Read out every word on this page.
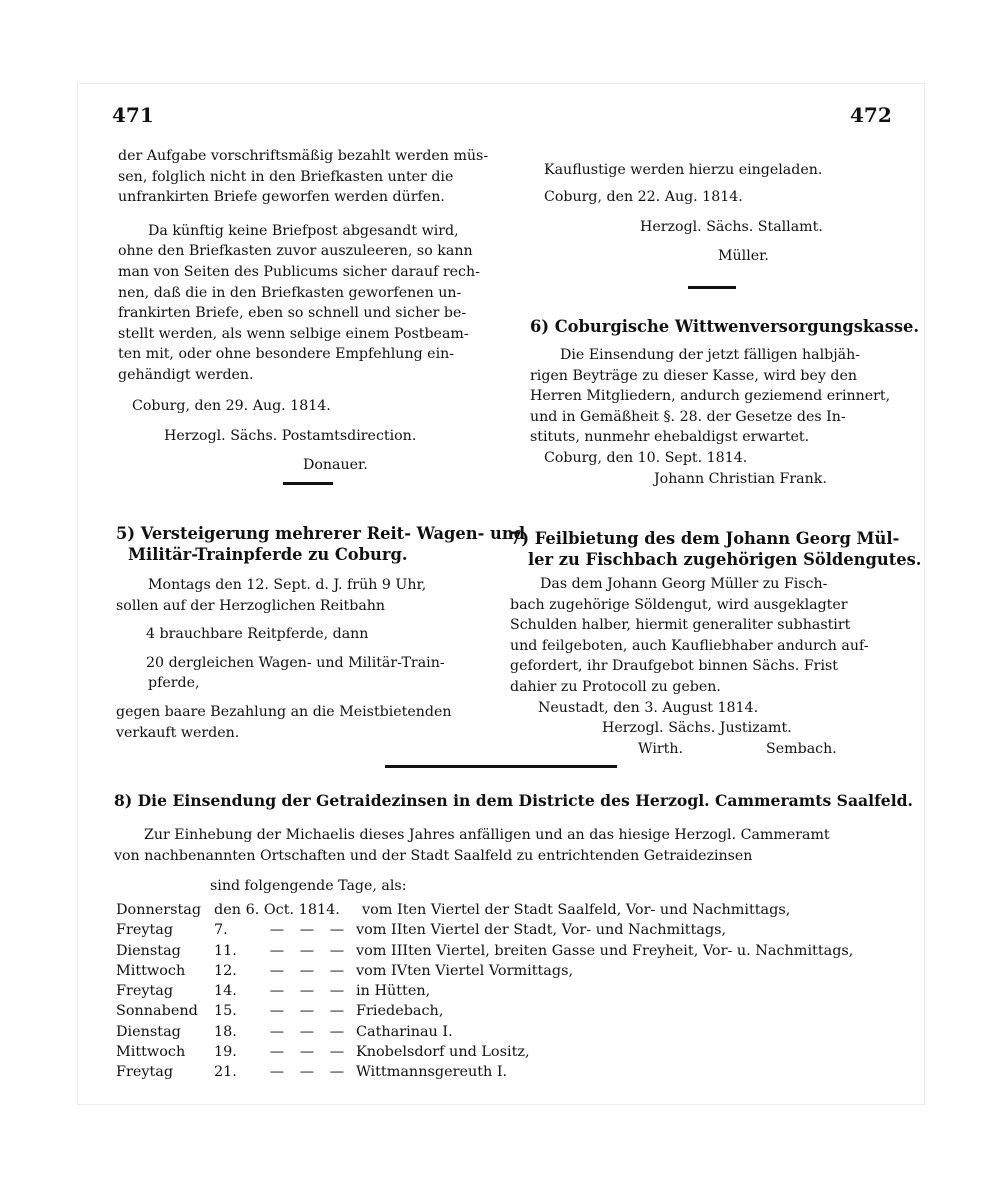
471	472

der Aufgabe vorschriftsmäßig bezahlt werden müs-

sen, folglich nicht in den Briefkasten unter die

unfrankirten Briefe geworfen werden dürfen.

Da künftig keine Briefpost abgesandt wird,

ohne den Briefkasten zuvor auszuleeren, so kann

man von Seiten des Publicums sicher darauf rech-

nen, daß die in den Briefkasten geworfenen un-

frankirten Briefe, eben so schnell und sicher be-

stellt werden, als wenn selbige einem Postbeam-

ten mit, oder ohne besondere Empfehlung ein-

gehändigt werden.

Coburg, den 29. Aug. 1814.

Herzogl. Sächs. Postamtsdirection.

Donauer.

Kauflustige werden hierzu eingeladen.

Coburg, den 22. Aug. 1814.

Herzogl. Sächs. Stallamt.

Müller.

6) Coburgische Wittwenversorgungskasse.

Die Einsendung der jetzt fälligen halbjäh-

rigen Beyträge zu dieser Kasse, wird bey den

Herren Mitgliedern, andurch geziemend erinnert,

und in Gemäßheit §. 28. der Gesetze des In-

stituts, nunmehr ehebaldigst erwartet.

Coburg, den 10. Sept. 1814.

Johann Christian Frank.

5) Versteigerung mehrerer Reit- Wagen- und

Militär-Trainpferde zu Coburg.

Montags den 12. Sept. d. J. früh 9 Uhr,

sollen auf der Herzoglichen Reitbahn

4 brauchbare Reitpferde, dann

20 dergleichen Wagen- und Militär-Train-

pferde,

gegen baare Bezahlung an die Meistbietenden

verkauft werden.

7) Feilbietung des dem Johann Georg Mül-

ler zu Fischbach zugehörigen Söldengutes.

Das dem Johann Georg Müller zu Fisch-

bach zugehörige Söldengut, wird ausgeklagter

Schulden halber, hiermit generaliter subhastirt

und feilgeboten, auch Kaufliebhaber andurch auf-

gefordert, ihr Draufgebot binnen Sächs. Frist

dahier zu Protocoll zu geben.

Neustadt, den 3. August 1814.

Herzogl. Sächs. Justizamt.

Wirth.	Sembach.

8) Die Einsendung der Getraidezinsen in dem Districte des Herzogl. Cammeramts Saalfeld.

Zur Einhebung der Michaelis dieses Jahres anfälligen und an das hiesige Herzogl. Cammeramt

von nachbenannten Ortschaften und der Stadt Saalfeld zu entrichtenden Getraidezinsen

sind folgengende Tage, als:

Donnerstag den 6. Oct. 1814.	vom Iten Viertel der Stadt Saalfeld, Vor- und Nachmittags,
Freytag	7.	—	—	— vom IIten Viertel der Stadt, Vor- und Nachmittags,
Dienstag	11.	—	—	— vom IIIten Viertel, breiten Gasse und Freyheit, Vor- u. Nachmittags,
Mittwoch	12.	—	—	— vom IVten Viertel Vormittags,
Freytag	14.	—	—	— in Hütten,
Sonnabend	15.	—	—	— Friedebach,
Dienstag	18.	—	—	— Catharinau I.
Mittwoch	19.	—	—	— Knobelsdorf und Lositz,
Freytag	21.	—	—	— Wittmannsgereuth I.
